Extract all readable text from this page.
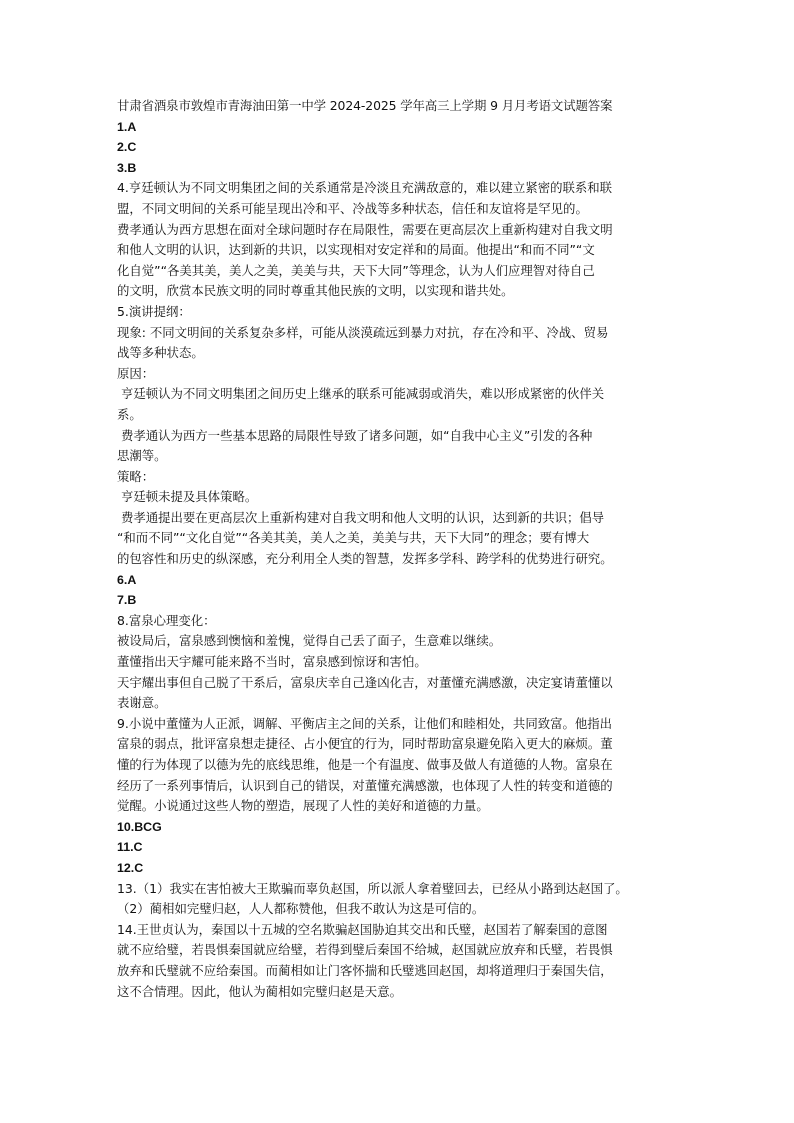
甘肃省酒泉市敦煌市青海油田第一中学 2024-2025 学年高三上学期 9 月月考语文试题答案
1.A
2.C
3.B
4.亨廷顿认为不同文明集团之间的关系通常是冷淡且充满敌意的，难以建立紧密的联系和联
盟，不同文明间的关系可能呈现出冷和平、冷战等多种状态，信任和友谊将是罕见的。
费孝通认为西方思想在面对全球问题时存在局限性，需要在更高层次上重新构建对自我文明
和他人文明的认识，达到新的共识，以实现相对安定祥和的局面。他提出“和而不同”“文
化自觉”“各美其美，美人之美，美美与共，天下大同”等理念，认为人们应理智对待自己
的文明，欣赏本民族文明的同时尊重其他民族的文明，以实现和谐共处。
5.演讲提纲：
现象: 不同文明间的关系复杂多样，可能从淡漠疏远到暴力对抗，存在冷和平、冷战、贸易
战等多种状态。
原因：
亨廷顿认为不同文明集团之间历史上继承的联系可能减弱或消失，难以形成紧密的伙伴关
系。
费孝通认为西方一些基本思路的局限性导致了诸多问题，如“自我中心主义”引发的各种
思潮等。
策略：
亨廷顿未提及具体策略。
费孝通提出要在更高层次上重新构建对自我文明和他人文明的认识，达到新的共识；倡导
“和而不同”“文化自觉”“各美其美，美人之美，美美与共，天下大同”的理念；要有博大
的包容性和历史的纵深感，充分利用全人类的智慧，发挥多学科、跨学科的优势进行研究。
6.A
7.B
8.富泉心理变化：
被设局后，富泉感到懊恼和羞愧，觉得自己丢了面子，生意难以继续。
董懂指出天宇耀可能来路不当时，富泉感到惊讶和害怕。
天宇耀出事但自己脱了干系后，富泉庆幸自己逢凶化吉，对董懂充满感激，决定宴请董懂以
表谢意。
9.小说中董懂为人正派，调解、平衡店主之间的关系，让他们和睦相处，共同致富。他指出
富泉的弱点，批评富泉想走捷径、占小便宜的行为，同时帮助富泉避免陷入更大的麻烦。董
懂的行为体现了以德为先的底线思维，他是一个有温度、做事及做人有道德的人物。富泉在
经历了一系列事情后，认识到自己的错误，对董懂充满感激，也体现了人性的转变和道德的
觉醒。小说通过这些人物的塑造，展现了人性的美好和道德的力量。
10.BCG
11.C
12.C
13.（1）我实在害怕被大王欺骗而辜负赵国，所以派人拿着璧回去，已经从小路到达赵国了。
（2）蔺相如完璧归赵，人人都称赞他，但我不敢认为这是可信的。
14.王世贞认为，秦国以十五城的空名欺骗赵国胁迫其交出和氏璧，赵国若了解秦国的意图
就不应给璧，若畏惧秦国就应给璧，若得到璧后秦国不给城，赵国就应放弃和氏璧，若畏惧
放弃和氏璧就不应给秦国。而蔺相如让门客怀揣和氏璧逃回赵国，却将道理归于秦国失信，
这不合情理。因此，他认为蔺相如完璧归赵是天意。
